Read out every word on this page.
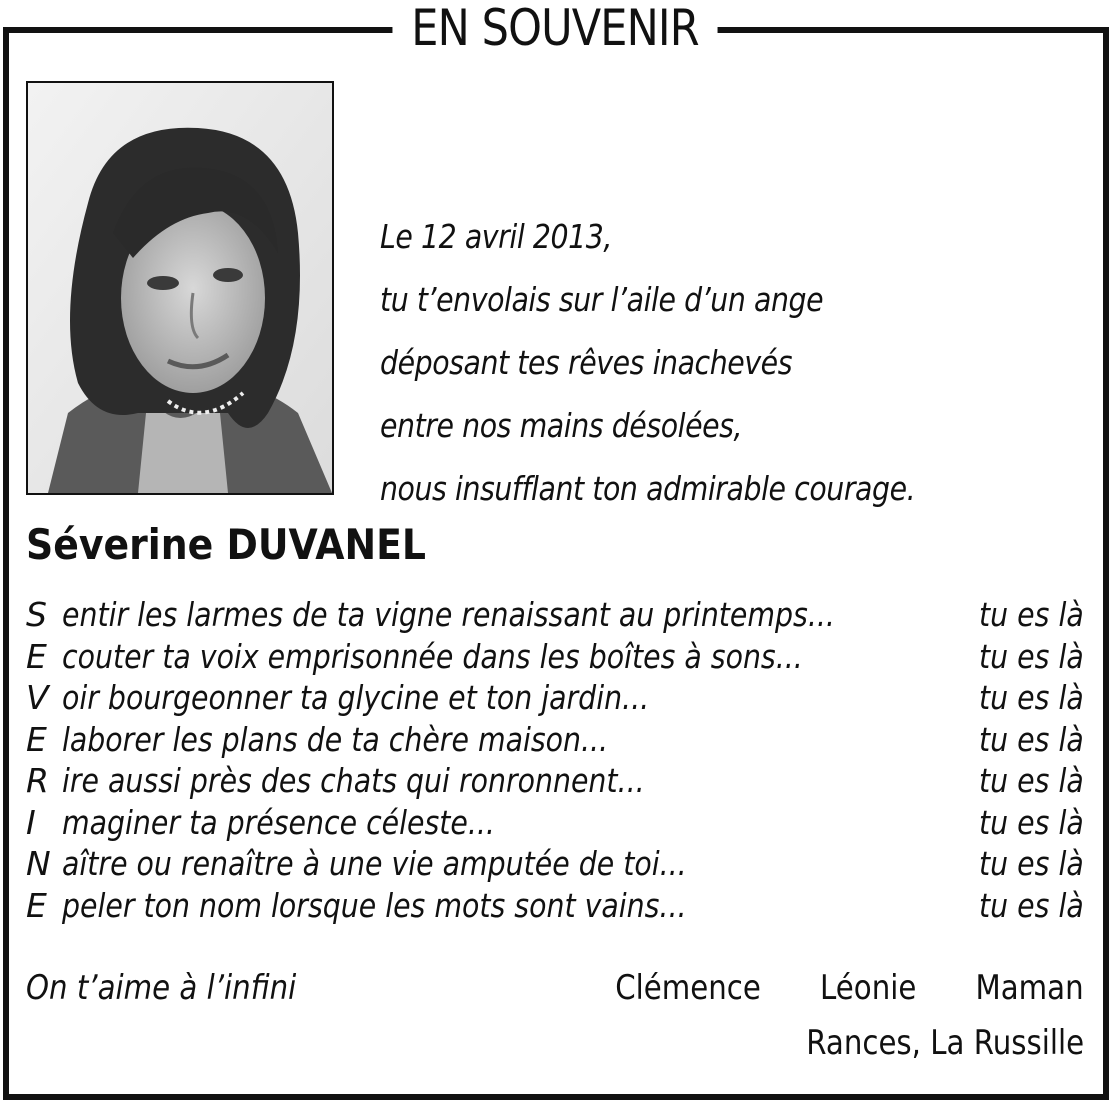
EN SOUVENIR
Le 12 avril 2013,
tu t’envolais sur l’aile d’un ange
déposant tes rêves inachevés
entre nos mains désolées,
nous insufflant ton admirable courage.
Séverine DUVANEL
S entir les larmes de ta vigne renaissant au printemps...	tu es là
E couter ta voix emprisonnée dans les boîtes à sons...	tu es là
V oir bourgeonner ta glycine et ton jardin...	tu es là
E laborer les plans de ta chère maison...	tu es là
R ire aussi près des chats qui ronronnent...	tu es là
I maginer ta présence céleste...	tu es là
N aître ou renaître à une vie amputée de toi...	tu es là
E peler ton nom lorsque les mots sont vains...	tu es là
On t’aime à l’infini	Clémence Léonie Maman
Rances, La Russille
